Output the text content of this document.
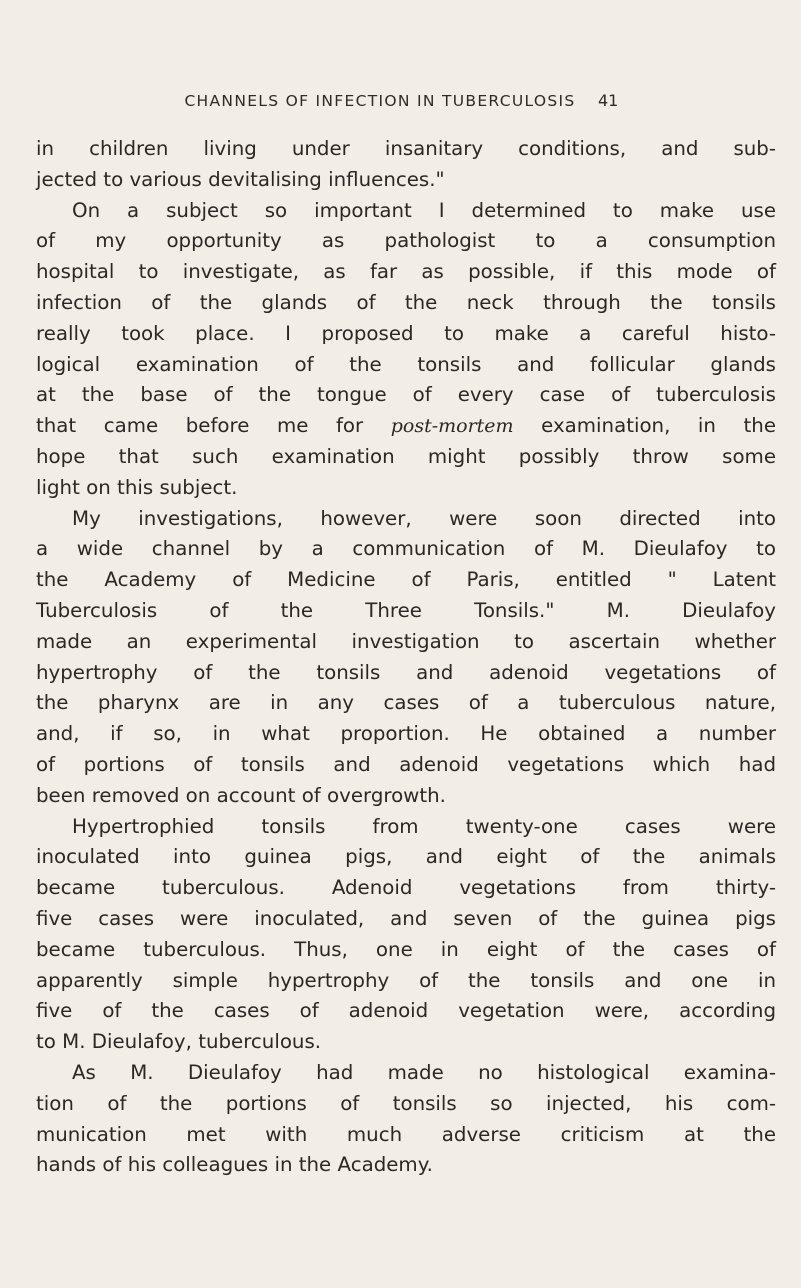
CHANNELS OF INFECTION IN TUBERCULOSIS	41
in children living under insanitary conditions, and sub-
jected to various devitalising influences."
On a subject so important I determined to make use
of my opportunity as pathologist to a consumption
hospital to investigate, as far as possible, if this mode of
infection of the glands of the neck through the tonsils
really took place. I proposed to make a careful histo-
logical examination of the tonsils and follicular glands
at the base of the tongue of every case of tuberculosis
that came before me for post-mortem examination, in the
hope that such examination might possibly throw some
light on this subject.
My investigations, however, were soon directed into
a wide channel by a communication of M. Dieulafoy to
the Academy of Medicine of Paris, entitled " Latent
Tuberculosis of the Three Tonsils." M. Dieulafoy
made an experimental investigation to ascertain whether
hypertrophy of the tonsils and adenoid vegetations of
the pharynx are in any cases of a tuberculous nature,
and, if so, in what proportion. He obtained a number
of portions of tonsils and adenoid vegetations which had
been removed on account of overgrowth.
Hypertrophied tonsils from twenty-one cases were
inoculated into guinea pigs, and eight of the animals
became tuberculous. Adenoid vegetations from thirty-
five cases were inoculated, and seven of the guinea pigs
became tuberculous. Thus, one in eight of the cases of
apparently simple hypertrophy of the tonsils and one in
five of the cases of adenoid vegetation were, according
to M. Dieulafoy, tuberculous.
As M. Dieulafoy had made no histological examina-
tion of the portions of tonsils so injected, his com-
munication met with much adverse criticism at the
hands of his colleagues in the Academy.
